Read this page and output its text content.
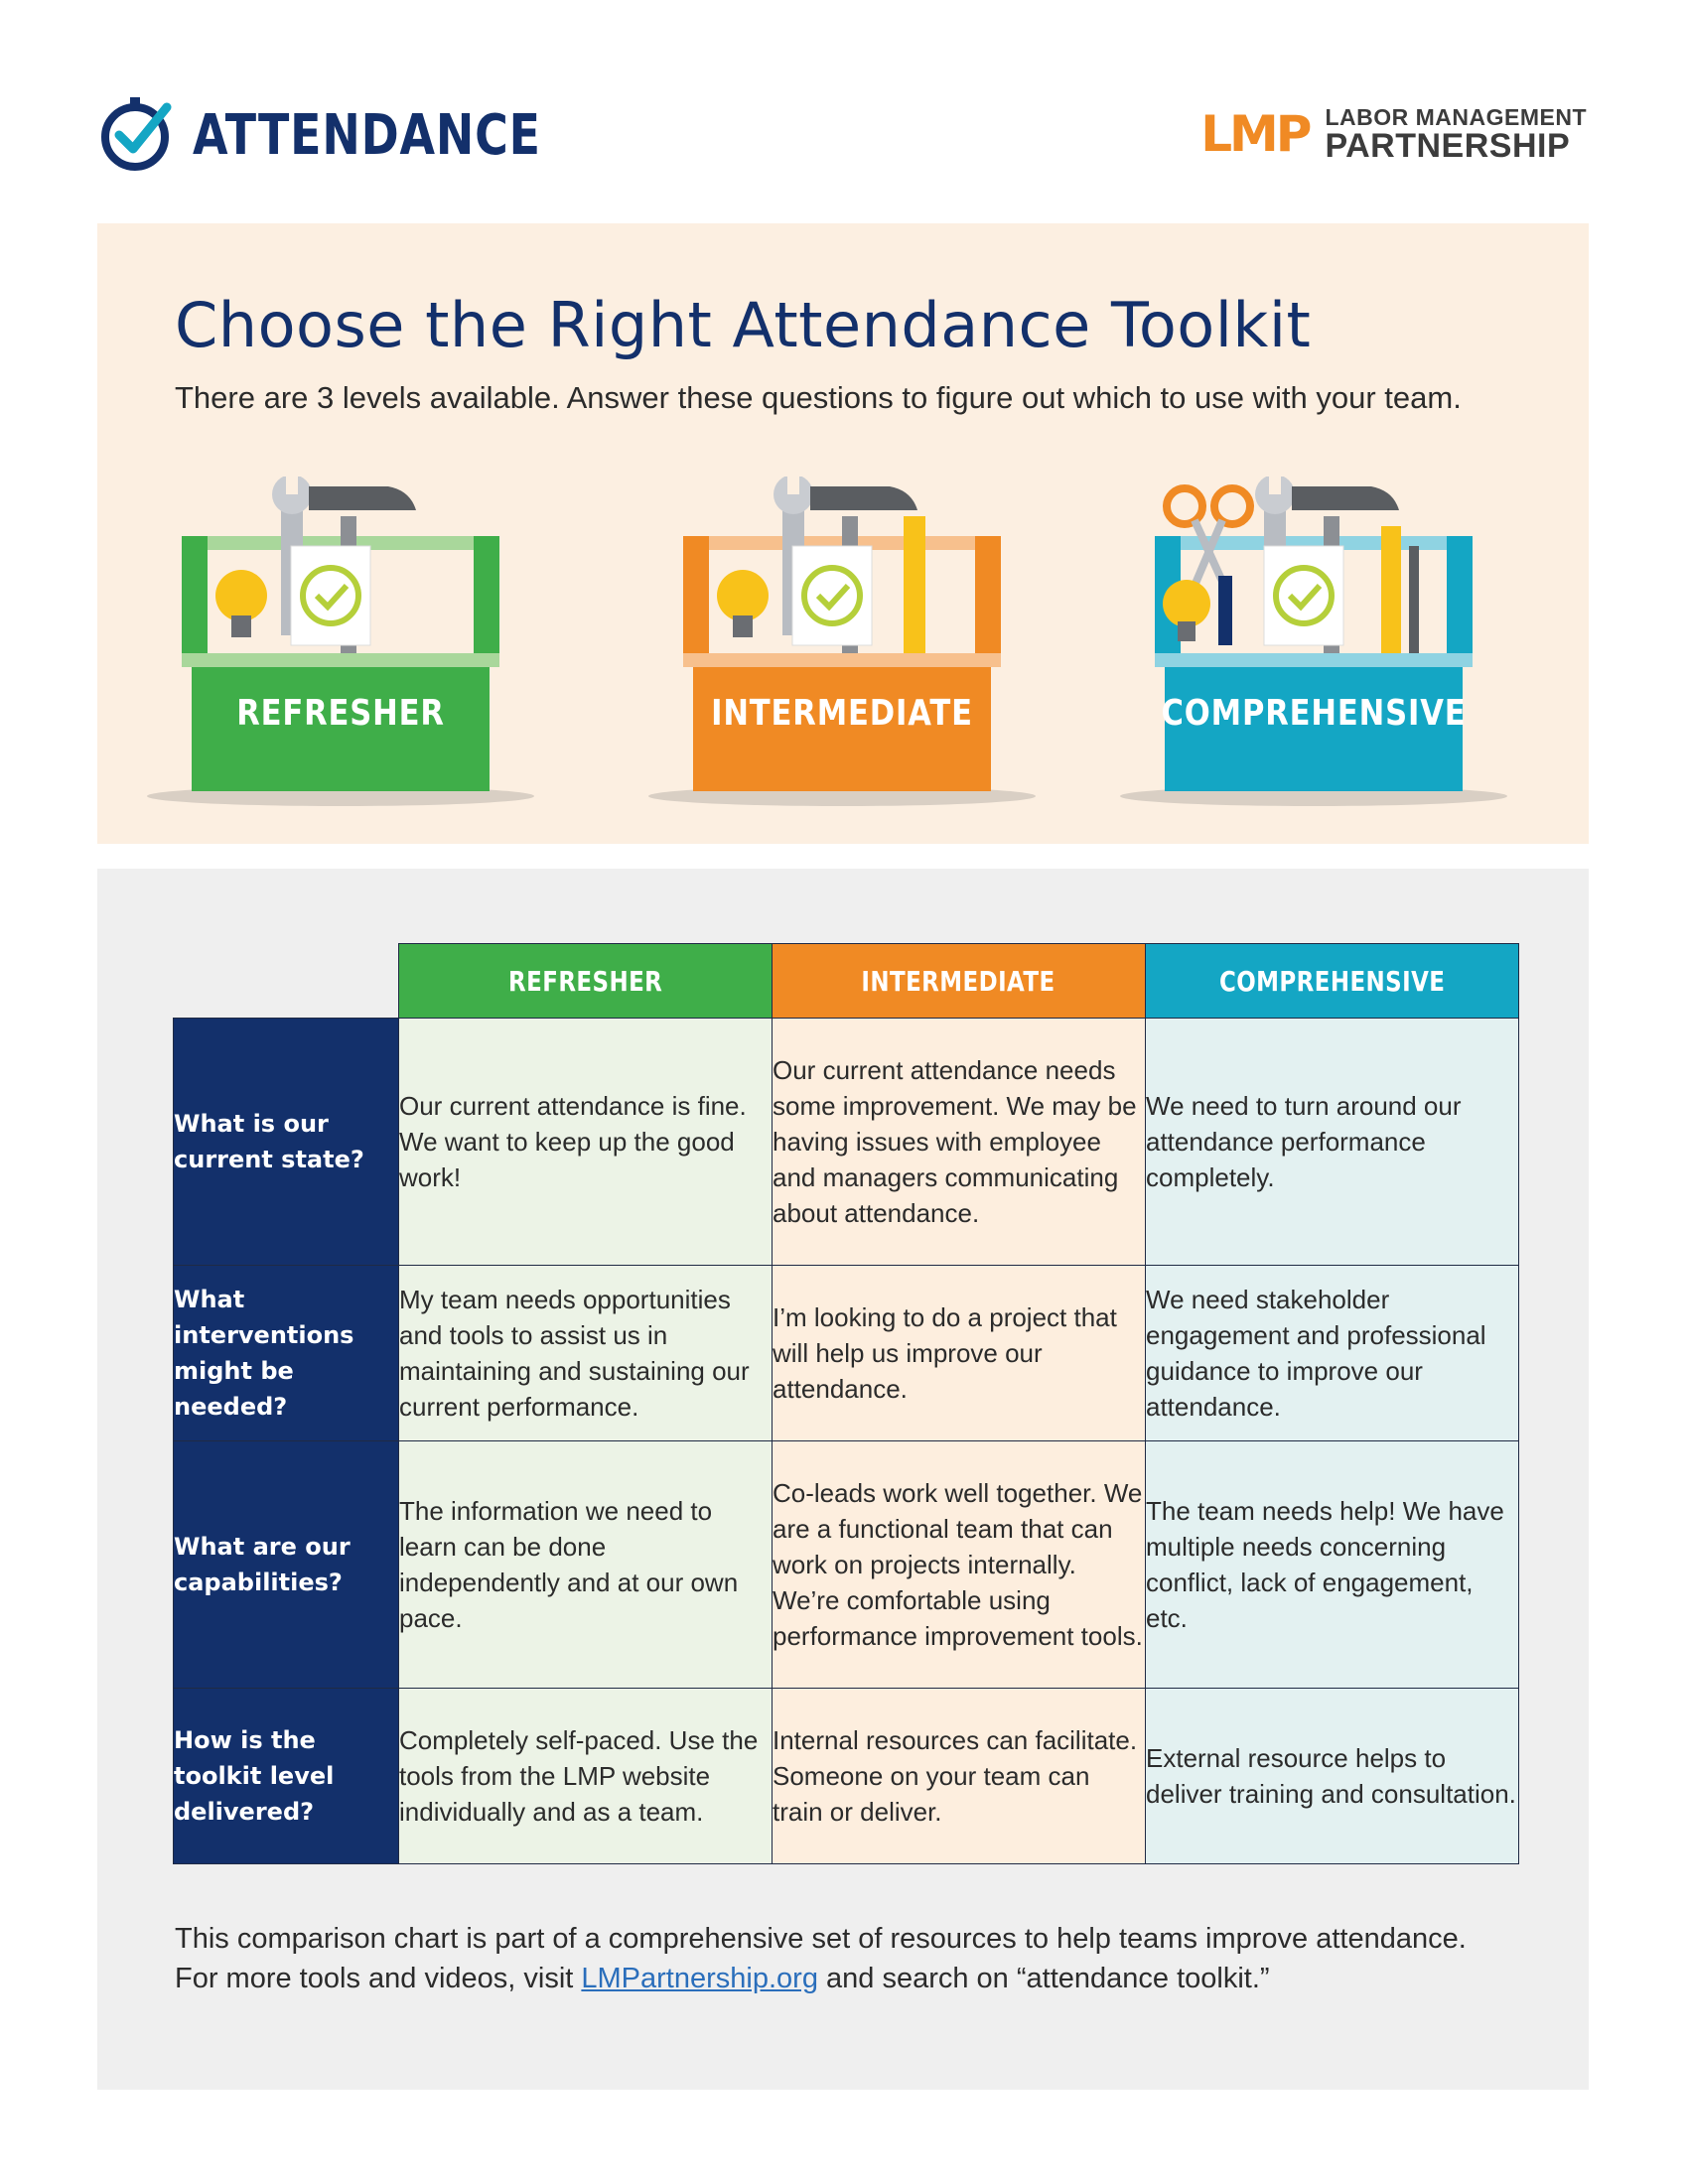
ATTENDANCE	LMP LABOR MANAGEMENT
PARTNERSHIP
Choose the Right Attendance Toolkit

There are 3 levels available. Answer these questions to figure out which to use with your team.

REFRESHER	INTERMEDIATE	COMPREHENSIVE
	REFRESHER	INTERMEDIATE	COMPREHENSIVE
What is our current state?	Our current attendance is fine. We want to keep up the good work!	Our current attendance needs some improvement. We may be having issues with employee and managers communicating about attendance.	We need to turn around our attendance performance completely.
What interventions might be needed?	My team needs opportunities and tools to assist us in maintaining and sustaining our current performance.	I’m looking to do a project that will help us improve our attendance.	We need stakeholder engagement and professional guidance to improve our attendance.
What are our capabilities?	The information we need to learn can be done independently and at our own pace.	Co-leads work well together. We are a functional team that can work on projects internally. We’re comfortable using performance improvement tools.	The team needs help! We have multiple needs concerning conflict, lack of engagement, etc.
How is the toolkit level delivered?	Completely self-paced. Use the tools from the LMP website individually and as a team.	Internal resources can facilitate. Someone on your team can train or deliver.	External resource helps to deliver training and consultation.

This comparison chart is part of a comprehensive set of resources to help teams improve attendance.
For more tools and videos, visit LMPartnership.org and search on “attendance toolkit.”
